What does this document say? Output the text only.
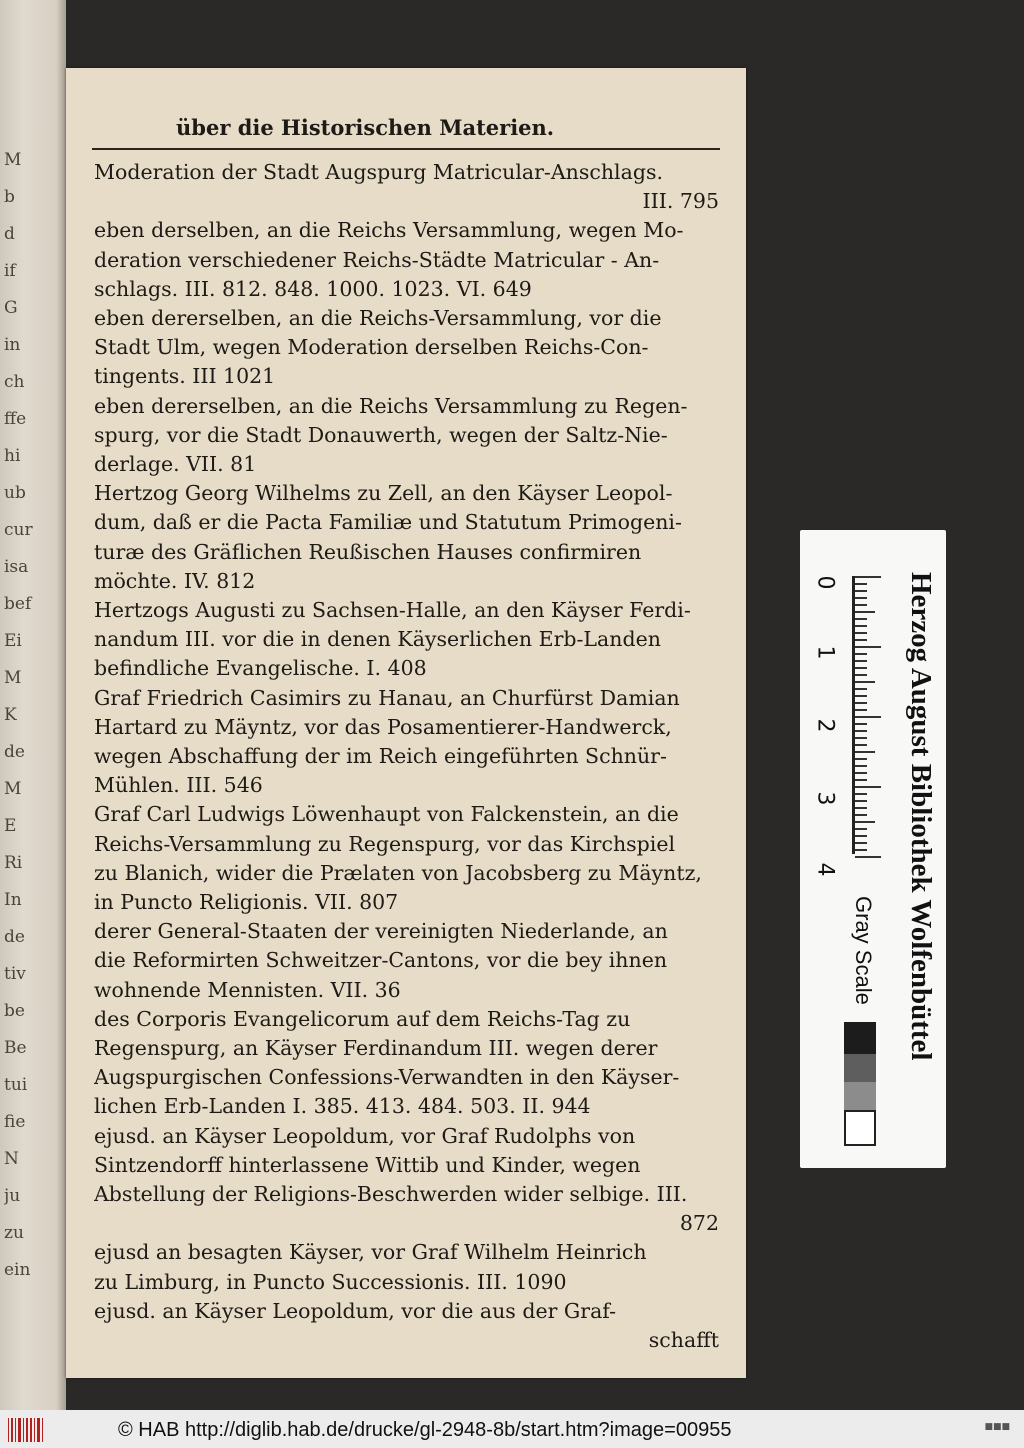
M
b
d
if
G
in
ch
ffe
hi
ub
cur
isa
bef
Ei
M
K
de
M
E
Ri
In
de
tiv
be
Be
tui
fie
N
ju
zu
ein
über die Historischen Materien.
Moderation der Stadt Augspurg Matricular-Anschlags.
III. 795
eben derselben, an die Reichs Versammlung, wegen Mo-
deration verschiedener Reichs-Städte Matricular - An-
schlags. III. 812. 848. 1000. 1023. VI. 649
eben dererselben, an die Reichs-Versammlung, vor die
Stadt Ulm, wegen Moderation derselben Reichs-Con-
tingents. III 1021
eben dererselben, an die Reichs Versammlung zu Regen-
spurg, vor die Stadt Donauwerth, wegen der Saltz-Nie-
derlage. VII. 81
Hertzog Georg Wilhelms zu Zell, an den Käyser Leopol-
dum, daß er die Pacta Familiæ und Statutum Primogeni-
turæ des Gräflichen Reußischen Hauses confirmiren
möchte. IV. 812
Hertzogs Augusti zu Sachsen-Halle, an den Käyser Ferdi-
nandum III. vor die in denen Käyserlichen Erb-Landen
befindliche Evangelische. I. 408
Graf Friedrich Casimirs zu Hanau, an Churfürst Damian
Hartard zu Mäyntz, vor das Posamentierer-Handwerck,
wegen Abschaffung der im Reich eingeführten Schnür-
Mühlen. III. 546
Graf Carl Ludwigs Löwenhaupt von Falckenstein, an die
Reichs-Versammlung zu Regenspurg, vor das Kirchspiel
zu Blanich, wider die Prælaten von Jacobsberg zu Mäyntz,
in Puncto Religionis. VII. 807
derer General-Staaten der vereinigten Niederlande, an
die Reformirten Schweitzer-Cantons, vor die bey ihnen
wohnende Mennisten. VII. 36
des Corporis Evangelicorum auf dem Reichs-Tag zu
Regenspurg, an Käyser Ferdinandum III. wegen derer
Augspurgischen Confessions-Verwandten in den Käyser-
lichen Erb-Landen I. 385. 413. 484. 503. II. 944
ejusd. an Käyser Leopoldum, vor Graf Rudolphs von
Sintzendorff hinterlassene Wittib und Kinder, wegen
Abstellung der Religions-Beschwerden wider selbige. III.
872
ejusd an besagten Käyser, vor Graf Wilhelm Heinrich
zu Limburg, in Puncto Successionis. III. 1090
ejusd. an Käyser Leopoldum, vor die aus der Graf-
schafft
0
1
2
3
4 Herzog August Bibliothek Wolfenbüttel
Gray Scale
© HAB http://diglib.hab.de/drucke/gl-2948-8b/start.htm?image=00955	■■■
